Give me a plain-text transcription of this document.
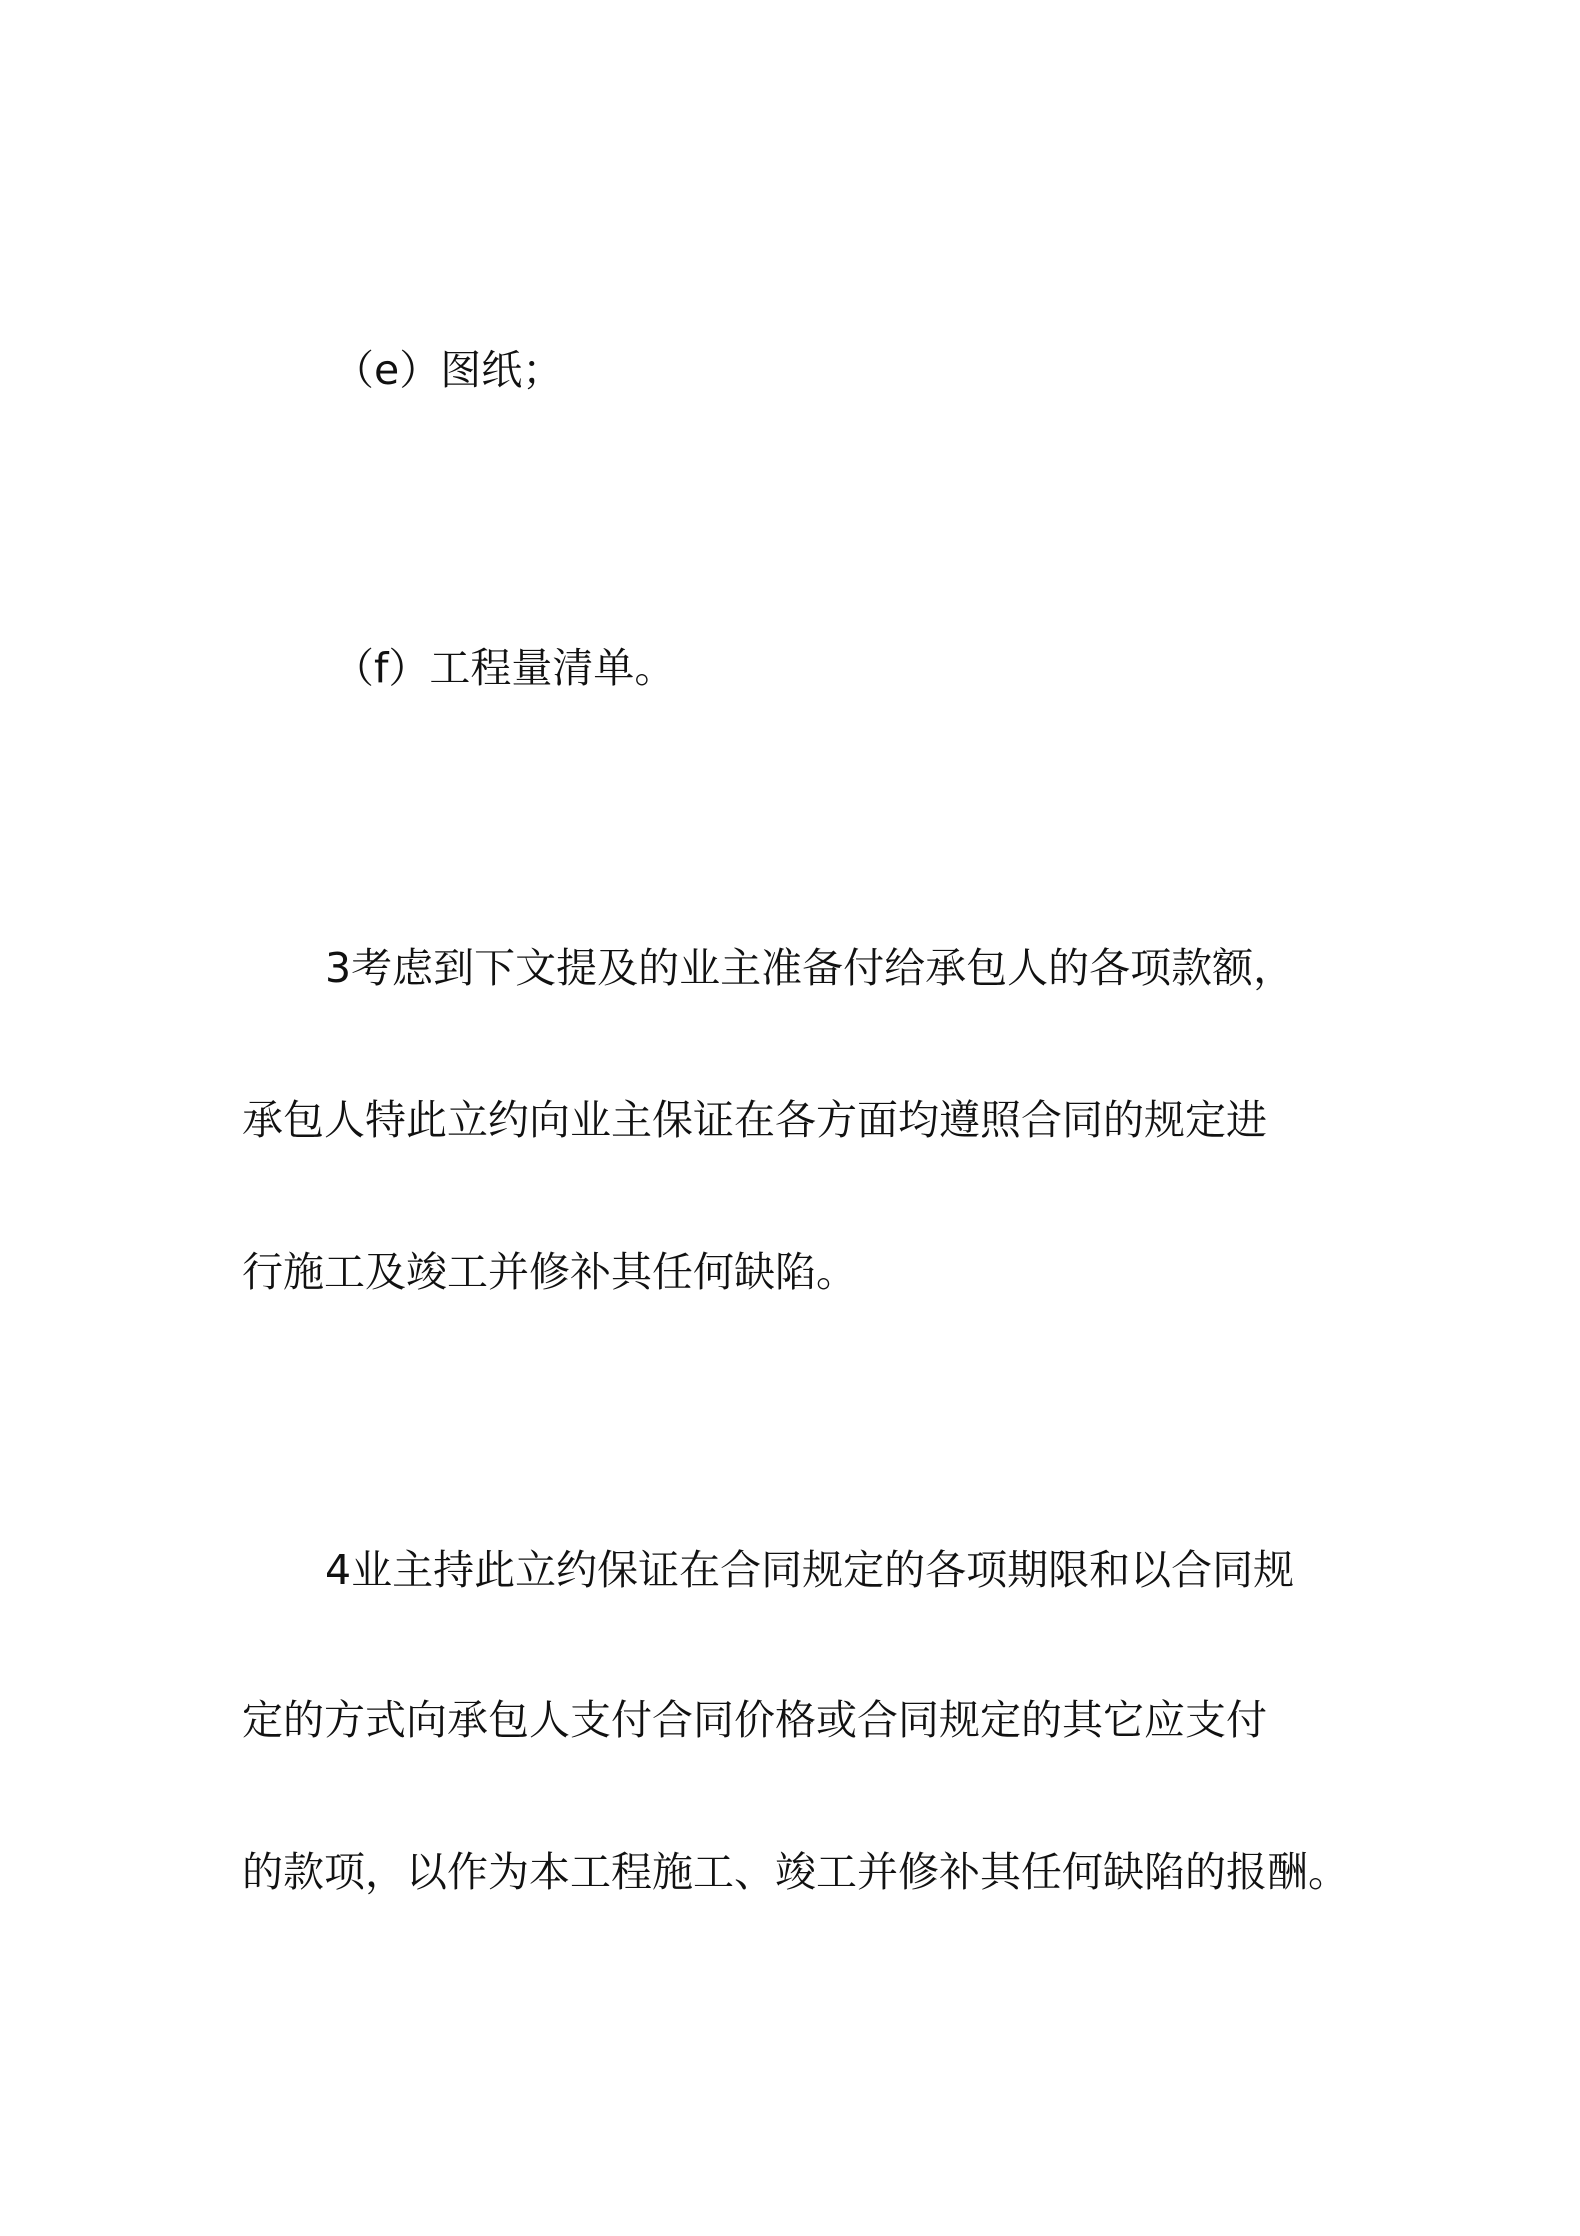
（e）图纸；

（f）工程量清单。

3考虑到下文提及的业主准备付给承包人的各项款额，

承包人特此立约向业主保证在各方面均遵照合同的规定进

行施工及竣工并修补其任何缺陷。

4业主持此立约保证在合同规定的各项期限和以合同规

定的方式向承包人支付合同价格或合同规定的其它应支付

的款项，以作为本工程施工、竣工并修补其任何缺陷的报酬。
